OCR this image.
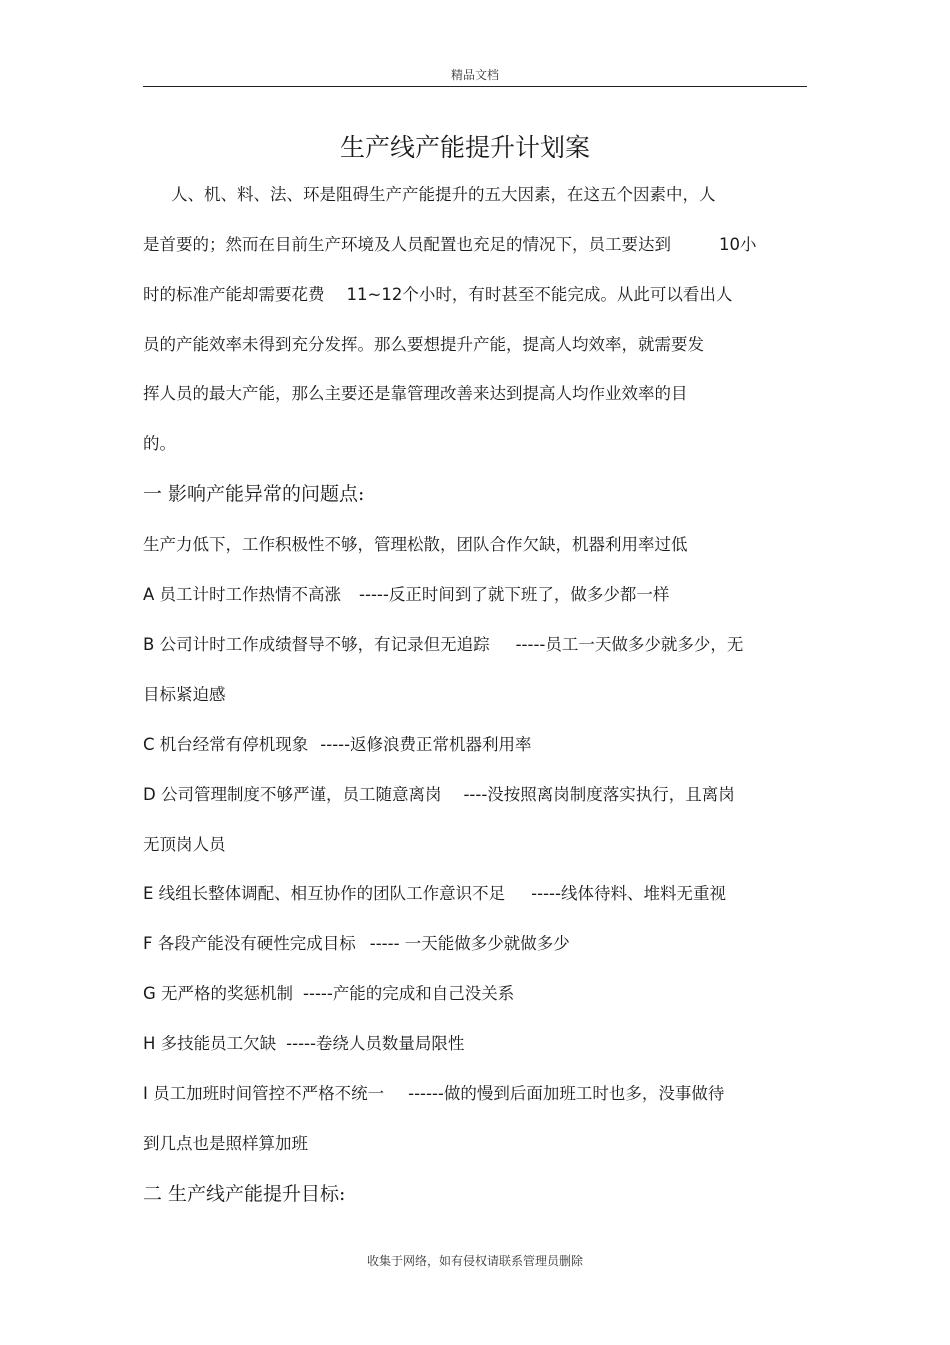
精品文档
生产线产能提升计划案
人、机、料、法、环是阻碍生产产能提升的五大因素，在这五个因素中，人
是首要的；然而在目前生产环境及人员配置也充足的情况下，员工要达到	10小
时的标准产能却需要花费 11~12个小时，有时甚至不能完成。从此可以看出人
员的产能效率未得到充分发挥。那么要想提升产能，提高人均效率，就需要发
挥人员的最大产能，那么主要还是靠管理改善来达到提高人均作业效率的目
的。
一 影响产能异常的问题点:
生产力低下，工作积极性不够，管理松散，团队合作欠缺，机器利用率过低
A 员工计时工作热情不高涨 -----反正时间到了就下班了，做多少都一样
B 公司计时工作成绩督导不够，有记录但无追踪 -----员工一天做多少就多少，无
目标紧迫感
C 机台经常有停机现象 -----返修浪费正常机器利用率
D 公司管理制度不够严谨，员工随意离岗 ----没按照离岗制度落实执行，且离岗
无顶岗人员
E 线组长整体调配、相互协作的团队工作意识不足 -----线体待料、堆料无重视
F 各段产能没有硬性完成目标 ----- 一天能做多少就做多少
G 无严格的奖惩机制 -----产能的完成和自己没关系
H 多技能员工欠缺 -----卷绕人员数量局限性
I 员工加班时间管控不严格不统一 ------做的慢到后面加班工时也多，没事做待
到几点也是照样算加班
二 生产线产能提升目标:
收集于网络，如有侵权请联系管理员删除
